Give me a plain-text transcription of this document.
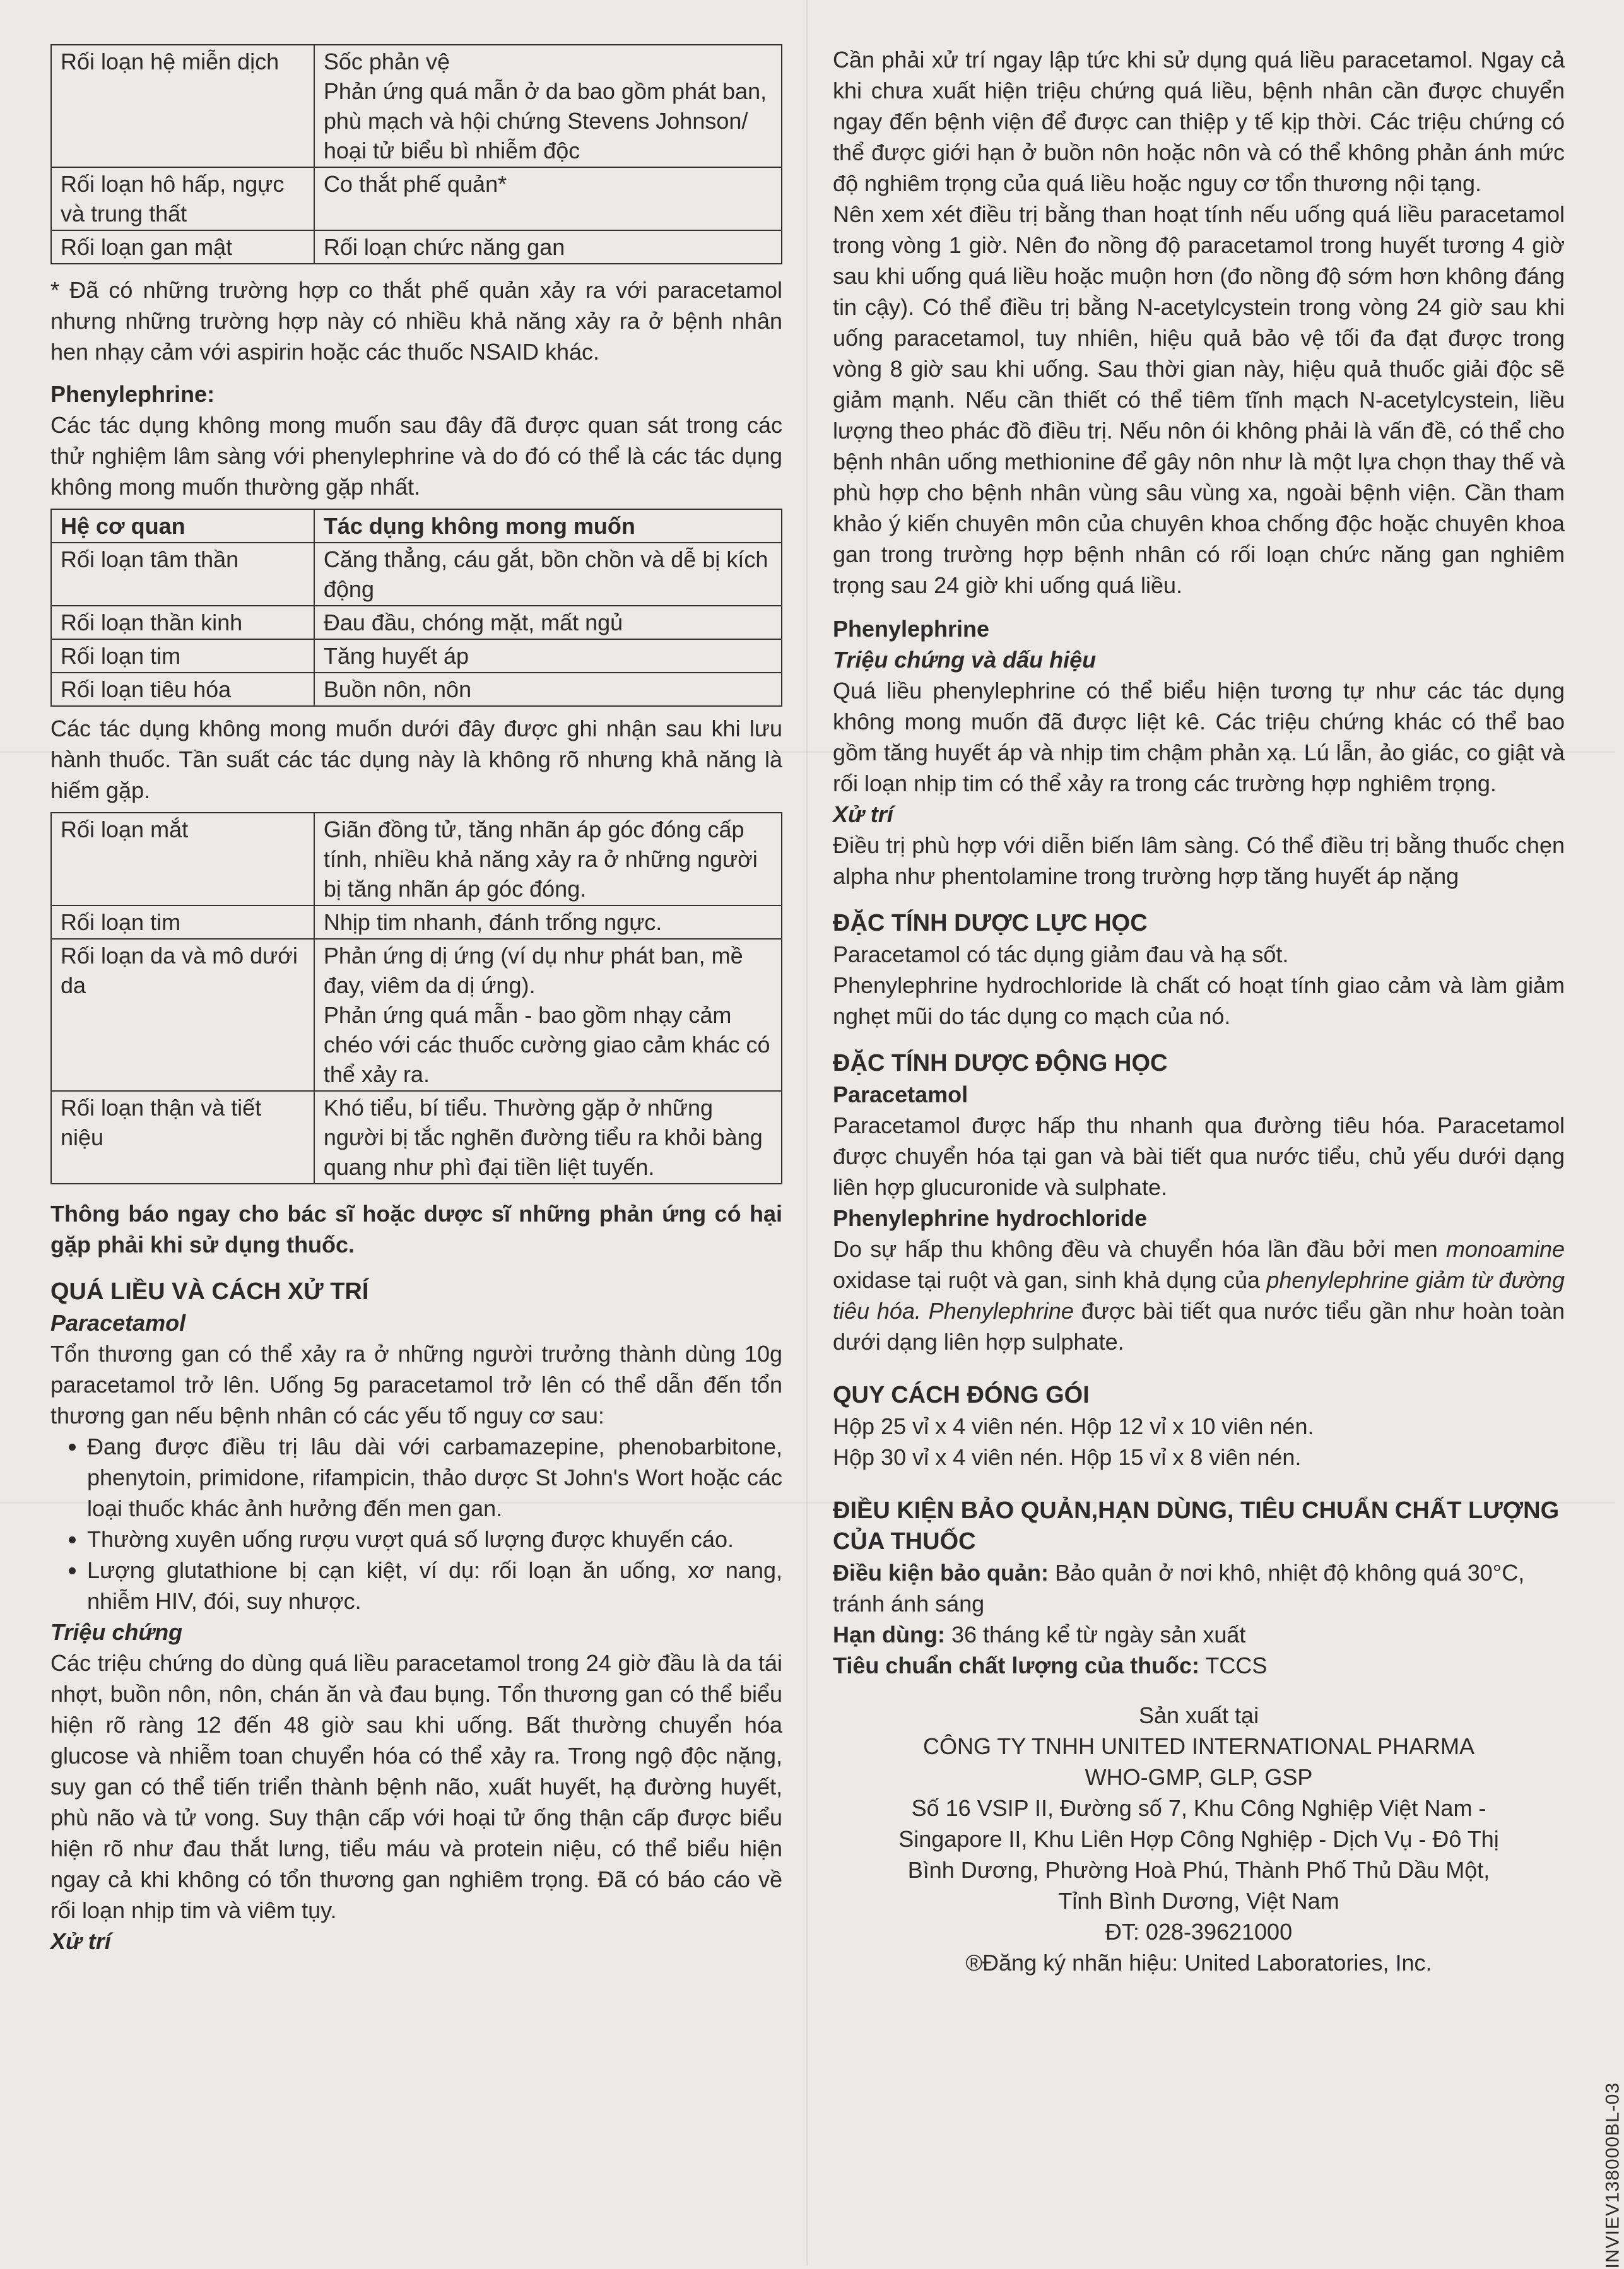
Rối loạn hệ miễn dịch	Sốc phản vệ
Phản ứng quá mẫn ở da bao gồm phát ban, phù mạch và hội chứng Stevens Johnson/ hoại tử biểu bì nhiễm độc

Rối loạn hô hấp, ngực và trung thất	Co thắt phế quản*
Rối loạn gan mật	Rối loạn chức năng gan

* Đã có những trường hợp co thắt phế quản xảy ra với paracetamol nhưng những trường hợp này có nhiều khả năng xảy ra ở bệnh nhân hen nhạy cảm với aspirin hoặc các thuốc NSAID khác.

Phenylephrine:

Các tác dụng không mong muốn sau đây đã được quan sát trong các thử nghiệm lâm sàng với phenylephrine và do đó có thể là các tác dụng không mong muốn thường gặp nhất.

Hệ cơ quan	Tác dụng không mong muốn
Rối loạn tâm thần	Căng thẳng, cáu gắt, bồn chồn và dễ bị kích động
Rối loạn thần kinh	Đau đầu, chóng mặt, mất ngủ
Rối loạn tim	Tăng huyết áp
Rối loạn tiêu hóa	Buồn nôn, nôn

Các tác dụng không mong muốn dưới đây được ghi nhận sau khi lưu hành thuốc. Tần suất các tác dụng này là không rõ nhưng khả năng là hiếm gặp.

Rối loạn mắt	Giãn đồng tử, tăng nhãn áp góc đóng cấp tính, nhiều khả năng xảy ra ở những người bị tăng nhãn áp góc đóng.
Rối loạn tim	Nhịp tim nhanh, đánh trống ngực.
Rối loạn da và mô dưới da	Phản ứng dị ứng (ví dụ như phát ban, mề đay, viêm da dị ứng).
Phản ứng quá mẫn - bao gồm nhạy cảm chéo với các thuốc cường giao cảm khác có thể xảy ra.

Rối loạn thận và tiết niệu	Khó tiểu, bí tiểu. Thường gặp ở những người bị tắc nghẽn đường tiểu ra khỏi bàng quang như phì đại tiền liệt tuyến.

Thông báo ngay cho bác sĩ hoặc dược sĩ những phản ứng có hại gặp phải khi sử dụng thuốc.

QUÁ LIỀU VÀ CÁCH XỬ TRÍ

Paracetamol

Tổn thương gan có thể xảy ra ở những người trưởng thành dùng 10g paracetamol trở lên. Uống 5g paracetamol trở lên có thể dẫn đến tổn thương gan nếu bệnh nhân có các yếu tố nguy cơ sau:

• Đang được điều trị lâu dài với carbamazepine, phenobarbitone, phenytoin, primidone, rifampicin, thảo dược St John's Wort hoặc các loại thuốc khác ảnh hưởng đến men gan.
• Thường xuyên uống rượu vượt quá số lượng được khuyến cáo.
• Lượng glutathione bị cạn kiệt, ví dụ: rối loạn ăn uống, xơ nang, nhiễm HIV, đói, suy nhược.

Triệu chứng

Các triệu chứng do dùng quá liều paracetamol trong 24 giờ đầu là da tái nhợt, buồn nôn, nôn, chán ăn và đau bụng. Tổn thương gan có thể biểu hiện rõ ràng 12 đến 48 giờ sau khi uống. Bất thường chuyển hóa glucose và nhiễm toan chuyển hóa có thể xảy ra. Trong ngộ độc nặng, suy gan có thể tiến triển thành bệnh não, xuất huyết, hạ đường huyết, phù não và tử vong. Suy thận cấp với hoại tử ống thận cấp được biểu hiện rõ như đau thắt lưng, tiểu máu và protein niệu, có thể biểu hiện ngay cả khi không có tổn thương gan nghiêm trọng. Đã có báo cáo về rối loạn nhịp tim và viêm tụy.

Xử trí

Cần phải xử trí ngay lập tức khi sử dụng quá liều paracetamol. Ngay cả khi chưa xuất hiện triệu chứng quá liều, bệnh nhân cần được chuyển ngay đến bệnh viện để được can thiệp y tế kịp thời. Các triệu chứng có thể được giới hạn ở buồn nôn hoặc nôn và có thể không phản ánh mức độ nghiêm trọng của quá liều hoặc nguy cơ tổn thương nội tạng.

Nên xem xét điều trị bằng than hoạt tính nếu uống quá liều paracetamol trong vòng 1 giờ. Nên đo nồng độ paracetamol trong huyết tương 4 giờ sau khi uống quá liều hoặc muộn hơn (đo nồng độ sớm hơn không đáng tin cậy). Có thể điều trị bằng N-acetylcystein trong vòng 24 giờ sau khi uống paracetamol, tuy nhiên, hiệu quả bảo vệ tối đa đạt được trong vòng 8 giờ sau khi uống. Sau thời gian này, hiệu quả thuốc giải độc sẽ giảm mạnh. Nếu cần thiết có thể tiêm tĩnh mạch N-acetylcystein, liều lượng theo phác đồ điều trị. Nếu nôn ói không phải là vấn đề, có thể cho bệnh nhân uống methionine để gây nôn như là một lựa chọn thay thế và phù hợp cho bệnh nhân vùng sâu vùng xa, ngoài bệnh viện. Cần tham khảo ý kiến chuyên môn của chuyên khoa chống độc hoặc chuyên khoa gan trong trường hợp bệnh nhân có rối loạn chức năng gan nghiêm trọng sau 24 giờ khi uống quá liều.

Phenylephrine

Triệu chứng và dấu hiệu

Quá liều phenylephrine có thể biểu hiện tương tự như các tác dụng không mong muốn đã được liệt kê. Các triệu chứng khác có thể bao gồm tăng huyết áp và nhịp tim chậm phản xạ. Lú lẫn, ảo giác, co giật và rối loạn nhịp tim có thể xảy ra trong các trường hợp nghiêm trọng.

Xử trí

Điều trị phù hợp với diễn biến lâm sàng. Có thể điều trị bằng thuốc chẹn alpha như phentolamine trong trường hợp tăng huyết áp nặng

ĐẶC TÍNH DƯỢC LỰC HỌC

Paracetamol có tác dụng giảm đau và hạ sốt.

Phenylephrine hydrochloride là chất có hoạt tính giao cảm và làm giảm nghẹt mũi do tác dụng co mạch của nó.

ĐẶC TÍNH DƯỢC ĐỘNG HỌC
Paracetamol

Paracetamol được hấp thu nhanh qua đường tiêu hóa. Paracetamol được chuyển hóa tại gan và bài tiết qua nước tiểu, chủ yếu dưới dạng liên hợp glucuronide và sulphate.

Phenylephrine hydrochloride

Do sự hấp thu không đều và chuyển hóa lần đầu bởi men monoamine oxidase tại ruột và gan, sinh khả dụng của phenylephrine giảm từ đường tiêu hóa. Phenylephrine được bài tiết qua nước tiểu gần như hoàn toàn dưới dạng liên hợp sulphate.

QUY CÁCH ĐÓNG GÓI

Hộp 25 vỉ x 4 viên nén. Hộp 12 vỉ x 10 viên nén.

Hộp 30 vỉ x 4 viên nén. Hộp 15 vỉ x 8 viên nén.

ĐIỀU KIỆN BẢO QUẢN,HẠN DÙNG, TIÊU CHUẨN CHẤT LƯỢNG CỦA THUỐC

Điều kiện bảo quản: Bảo quản ở nơi khô, nhiệt độ không quá 30°C, tránh ánh sáng

Hạn dùng: 36 tháng kể từ ngày sản xuất

Tiêu chuẩn chất lượng của thuốc: TCCS

Sản xuất tại

CÔNG TY TNHH UNITED INTERNATIONAL PHARMA

WHO-GMP, GLP, GSP

Số 16 VSIP II, Đường số 7, Khu Công Nghiệp Việt Nam -

Singapore II, Khu Liên Hợp Công Nghiệp - Dịch Vụ - Đô Thị

Bình Dương, Phường Hoà Phú, Thành Phố Thủ Dầu Một,

Tỉnh Bình Dương, Việt Nam

ĐT: 028-39621000

®Đăng ký nhãn hiệu: United Laboratories, Inc.

INVIEV138000BL-03
